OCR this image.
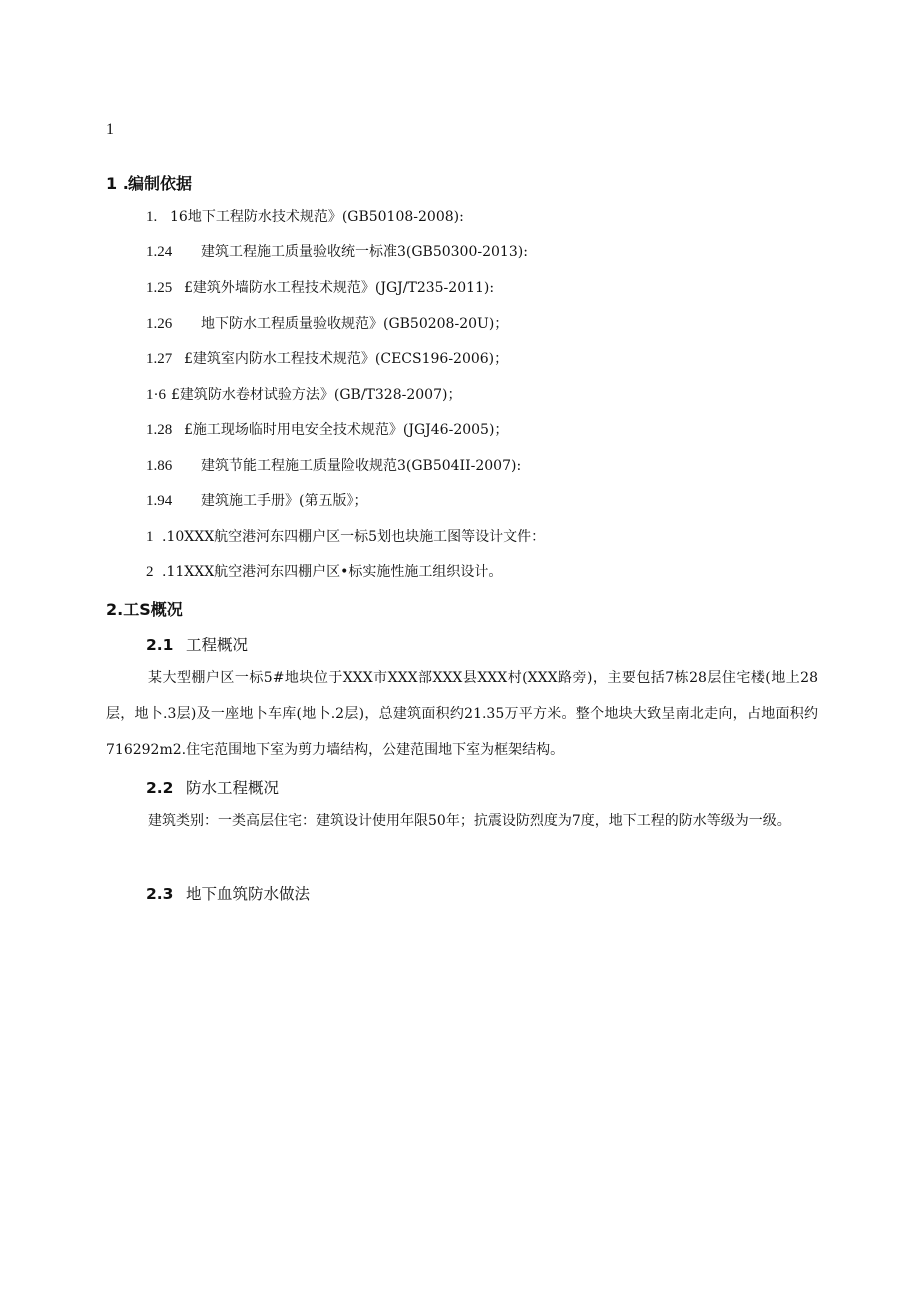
1
1 .编制依据
1. 16地下工程防水技术规范》(GB50108-2008):
1.24	建筑工程施工质量验收统一标准3(GB50300-2013):
1.25 £建筑外墙防水工程技术规范》(JGJ/T235-2011):
1.26	地下防水工程质量验收规范》(GB50208-20U)；
1.27 £建筑室内防水工程技术规范》(CECS196-2006)；
1·6 £建筑防水卷材试验方法》(GB/T328-2007)；
1.28 £施工现场临时用电安全技术规范》(JGJ46-2005)；
1.86	建筑节能工程施工质量险收规范3(GB504II-2007):
1.94	建筑施工手册》(第五版》；
1 .10XXX航空港河东四棚户区一标5划也块施工图等设计文件：
2 .11XXX航空港河东四棚户区•标实施性施工组织设计。
2.工S概况
2.1 工程概况
某大型棚户区一标5#地块位于XXX市XXX部XXX县XXX村(XXX路旁)，主要包括7栋28层住宅楼(地上28层，地卜.3层)及一座地卜车库(地卜.2层)，总建筑面积约21.35万平方米。整个地块大致呈南北走向，占地面积约716292m2.住宅范围地下室为剪力墙结构，公建范围地下室为框架结构。
2.2 防水工程概况
建筑类别：一类高层住宅：建筑设计使用年限50年；抗震设防烈度为7度，地下工程的防水等级为一级。
2.3 地下血筑防水做法
